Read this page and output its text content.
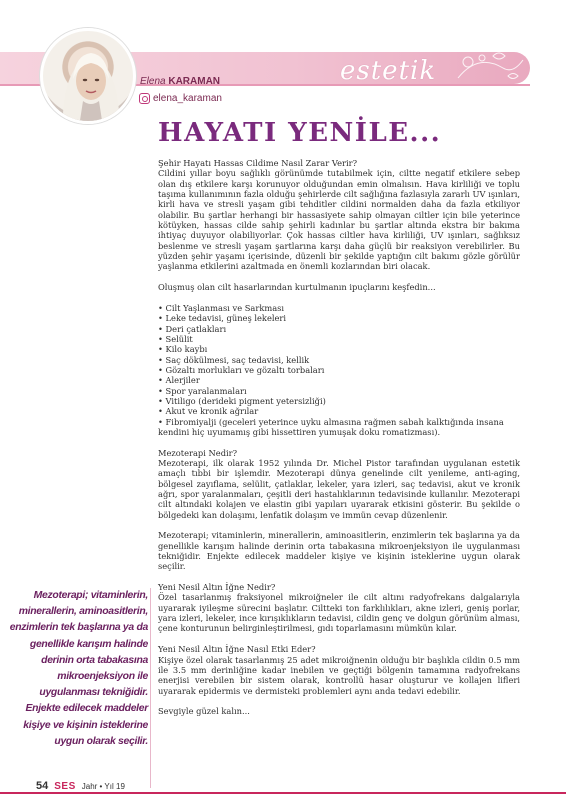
Elena KARAMAN
elena_karaman
estetik
HAYATI YENİLE...

Şehir Hayatı Hassas Cildime Nasıl Zarar Verir?

Cildini yıllar boyu sağlıklı görünümde tutabilmek için, ciltte negatif etkilere sebep olan dış etkilere karşı korunuyor olduğundan emin olmalısın. Hava kirliliği ve toplu taşıma kullanımının fazla olduğu şehirlerde cilt sağlığına fazlasıyla zararlı UV ışınları, kirli hava ve stresli yaşam gibi tehditler cildini normalden daha da fazla etkiliyor olabilir. Bu şartlar herhangi bir hassasiyete sahip olmayan ciltler için bile yeterince kötüyken, hassas cilde sahip şehirli kadınlar bu şartlar altında ekstra bir bakıma ihtiyaç duyuyor olabiliyorlar. Çok hassas ciltler hava kirliliği, UV ışınları, sağlıksız beslenme ve stresli yaşam şartlarına karşı daha güçlü bir reaksiyon verebilirler. Bu yüzden şehir yaşamı içerisinde, düzenli bir şekilde yaptığın cilt bakımı gözle görülür yaşlanma etkilerini azaltmada en önemli kozlarından biri olacak.

Oluşmuş olan cilt hasarlarından kurtulmanın ipuçlarını keşfedin...

• Cilt Yaşlanması ve Sarkması
• Leke tedavisi, güneş lekeleri
• Deri çatlakları
• Selülit
• Kilo kaybı
• Saç dökülmesi, saç tedavisi, kellik
• Gözaltı morlukları ve gözaltı torbaları
• Alerjiler
• Spor yaralanmaları
• Vitiligo (derideki pigment yetersizliği)
• Akut ve kronik ağrılar
• Fibromiyalji (geceleri yeterince uyku almasına rağmen sabah kalktığında insana kendini hiç uyumamış gibi hissettiren yumuşak doku romatizması).

Mezoterapi Nedir?

Mezoterapi, ilk olarak 1952 yılında Dr. Michel Pistor tarafından uygulanan estetik amaçlı tıbbi bir işlemdir. Mezoterapi dünya genelinde cilt yenileme, anti-aging, bölgesel zayıflama, selülit, çatlaklar, lekeler, yara izleri, saç tedavisi, akut ve kronik ağrı, spor yaralanmaları, çeşitli deri hastalıklarının tedavisinde kullanılır. Mezoterapi cilt altındaki kolajen ve elastin gibi yapıları uyararak etkisini gösterir. Bu şekilde o bölgedeki kan dolaşımı, lenfatik dolaşım ve immün cevap düzenlenir.

Mezoterapi; vitaminlerin, minerallerin, aminoasitlerin, enzimlerin tek başlarına ya da genellikle karışım halinde derinin orta tabakasına mikroenjeksiyon ile uygulanması tekniğidir. Enjekte edilecek maddeler kişiye ve kişinin isteklerine uygun olarak seçilir.

Yeni Nesil Altın İğne Nedir?

Özel tasarlanmış fraksiyonel mikroiğneler ile cilt altını radyofrekans dalgalarıyla uyararak iyileşme sürecini başlatır. Ciltteki ton farklılıkları, akne izleri, geniş porlar, yara izleri, lekeler, ince kırışıklıkların tedavisi, cildin genç ve dolgun görünüm alması, çene konturunun belirginleştirilmesi, gıdı toparlamasını mümkün kılar.

Yeni Nesil Altın İğne Nasıl Etki Eder?

Kişiye özel olarak tasarlanmış 25 adet mikroiğnenin olduğu bir başlıkla cildin 0.5 mm ile 3.5 mm derinliğine kadar inebilen ve geçtiği bölgenin tamamına radyofrekans enerjisi verebilen bir sistem olarak, kontrollü hasar oluşturur ve kollajen lifleri uyararak epidermis ve dermisteki problemleri aynı anda tedavi edebilir.

Sevgiyle güzel kalın...

Mezoterapi; vitaminlerin, minerallerin, aminoasitlerin, enzimlerin tek başlarına ya da genellikle karışım halinde derinin orta tabakasına mikroenjeksiyon ile uygulanması tekniğidir. Enjekte edilecek maddeler kişiye ve kişinin isteklerine uygun olarak seçilir.
54 SES Jahr • Yıl 19
